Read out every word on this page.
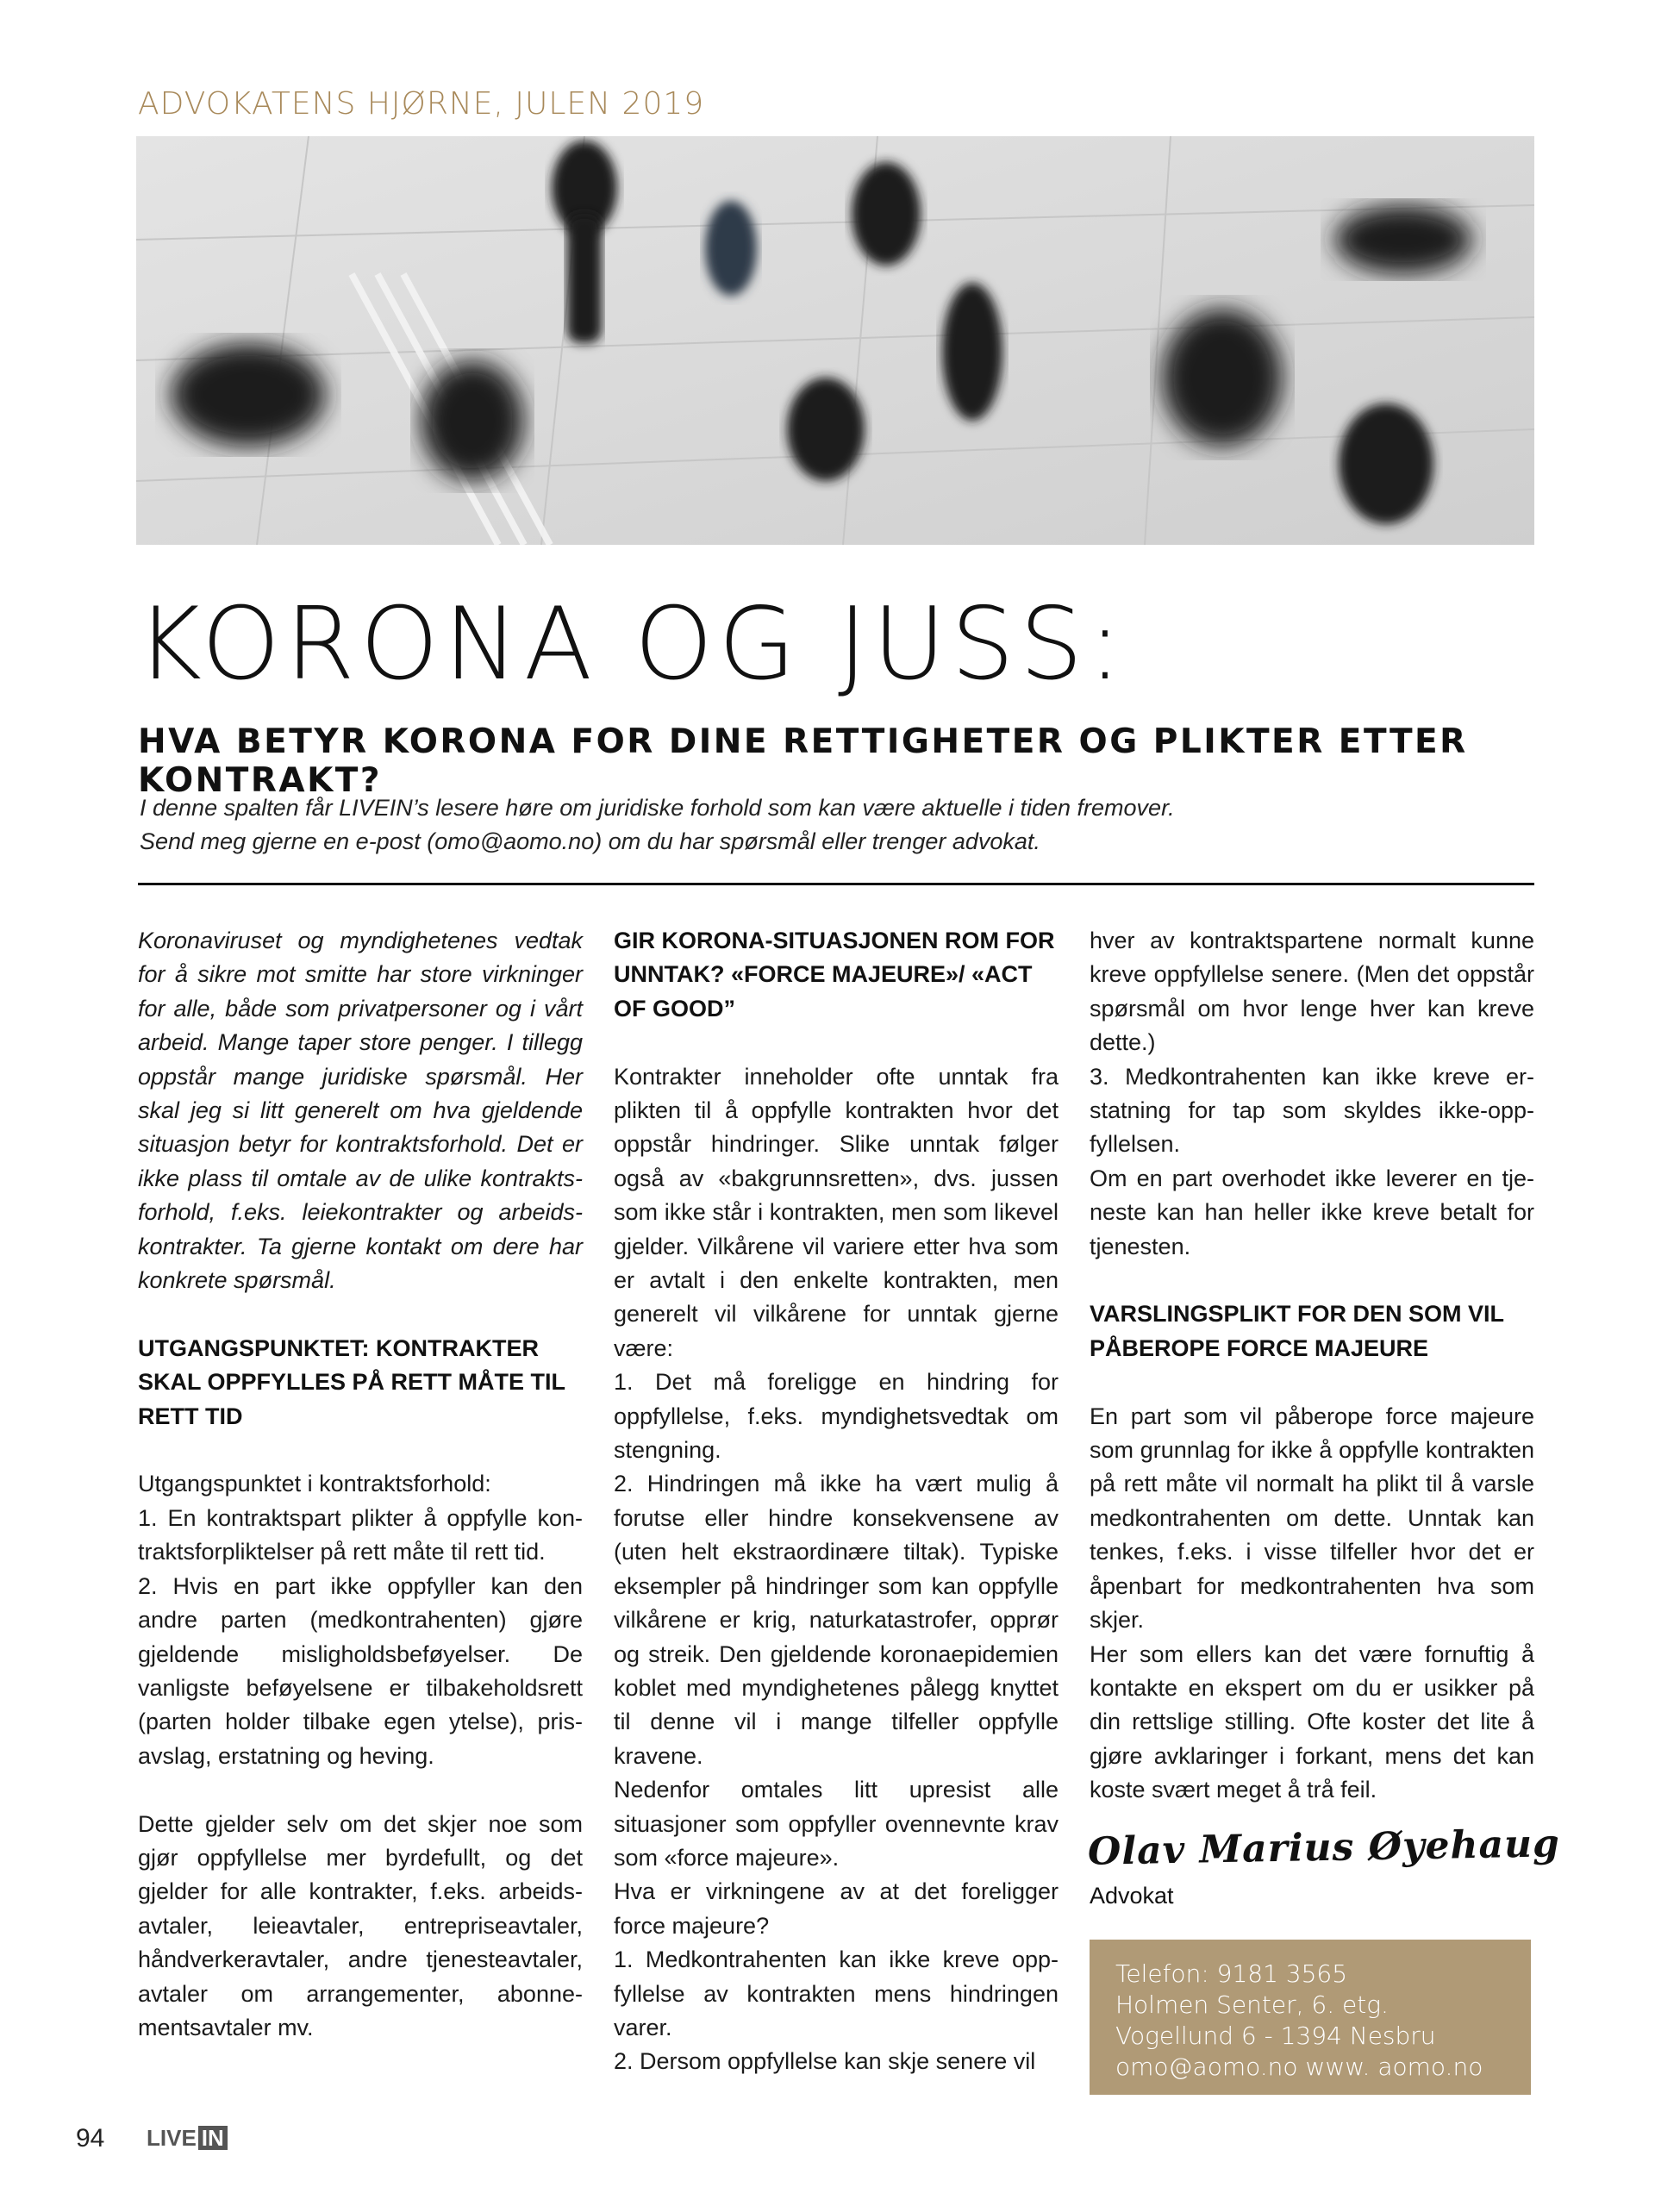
ADVOKATENS HJØRNE, JULEN 2019
KORONA OG JUSS:
HVA BETYR KORONA FOR DINE RETTIGHETER OG PLIKTER ETTER KONTRAKT?
I denne spalten får LIVEIN’s lesere høre om juridiske forhold som kan være aktuelle i tiden fremover.
Send meg gjerne en e-post (omo@aomo.no) om du har spørsmål eller trenger advokat.

Koronaviruset og myndighetenes vedtak for å sikre mot smitte har store virkninger for alle, både som privatpersoner og i vårt arbeid. Mange taper store penger. I tillegg oppstår mange juridiske spørsmål. Her skal jeg si litt generelt om hva gjeldende situasjon betyr for kontraktsforhold. Det er ikke plass til omtale av de ulike kontraktsforhold, f.eks. leiekontrakter og arbeidskontrakter. Ta gjerne kontakt om dere har konkrete spørsmål.

UTGANGSPUNKTET: KONTRAKTER SKAL OPPFYLLES PÅ RETT MÅTE TIL RETT TID

Utgangspunktet i kontraktsforhold:

1. En kontraktspart plikter å oppfylle kontraktsforpliktelser på rett måte til rett tid.

2. Hvis en part ikke oppfyller kan den andre parten (medkontrahenten) gjøre gjeldende misligholdsbeføyelser. De vanligste beføyelsene er tilbakeholdsrett (parten holder tilbake egen ytelse), prisavslag, erstatning og heving.

Dette gjelder selv om det skjer noe som gjør oppfyllelse mer byrdefullt, og det gjelder for alle kontrakter, f.eks. arbeidsavtaler, leieavtaler, entrepriseavtaler, håndverkeravtaler, andre tjenesteavtaler, avtaler om arrangementer, abonnementsavtaler mv.

GIR KORONA-SITUASJONEN ROM FOR UNNTAK? «FORCE MAJEURE»/ «ACT OF GOOD”

Kontrakter inneholder ofte unntak fra plikten til å oppfylle kontrakten hvor det oppstår hindringer. Slike unntak følger også av «bakgrunnsretten», dvs. jussen som ikke står i kontrakten, men som likevel gjelder. Vilkårene vil variere etter hva som er avtalt i den enkelte kontrakten, men generelt vil vilkårene for unntak gjerne være:

1. Det må foreligge en hindring for oppfyllelse, f.eks. myndighetsvedtak om stengning.

2. Hindringen må ikke ha vært mulig å forutse eller hindre konsekvensene av (uten helt ekstraordinære tiltak). Typiske eksempler på hindringer som kan oppfylle vilkårene er krig, naturkatastrofer, opprør og streik. Den gjeldende koronaepidemien koblet med myndighetenes pålegg knyttet til denne vil i mange tilfeller oppfylle kravene.

Nedenfor omtales litt upresist alle situasjoner som oppfyller ovennevnte krav som «force majeure».

Hva er virkningene av at det foreligger force majeure?

1. Medkontrahenten kan ikke kreve oppfyllelse av kontrakten mens hindringen varer.

2. Dersom oppfyllelse kan skje senere vil

hver av kontraktspartene normalt kunne kreve oppfyllelse senere. (Men det oppstår spørsmål om hvor lenge hver kan kreve dette.)

3. Medkontrahenten kan ikke kreve erstatning for tap som skyldes ikke-oppfyllelsen.

Om en part overhodet ikke leverer en tjeneste kan han heller ikke kreve betalt for tjenesten.

VARSLINGSPLIKT FOR DEN SOM VIL PÅBEROPE FORCE MAJEURE

En part som vil påberope force majeure som grunnlag for ikke å oppfylle kontrakten på rett måte vil normalt ha plikt til å varsle medkontrahenten om dette. Unntak kan tenkes, f.eks. i visse tilfeller hvor det er åpenbart for medkontrahenten hva som skjer.

Her som ellers kan det være fornuftig å kontakte en ekspert om du er usikker på din rettslige stilling. Ofte koster det lite å gjøre avklaringer i forkant, mens det kan koste svært meget å trå feil.

Olav Marius Øyehaug
Advokat
Telefon: 9181 3565
Holmen Senter, 6. etg.
Vogellund 6 - 1394 Nesbru
omo@aomo.no www. aomo.no
94 LIVE IN
